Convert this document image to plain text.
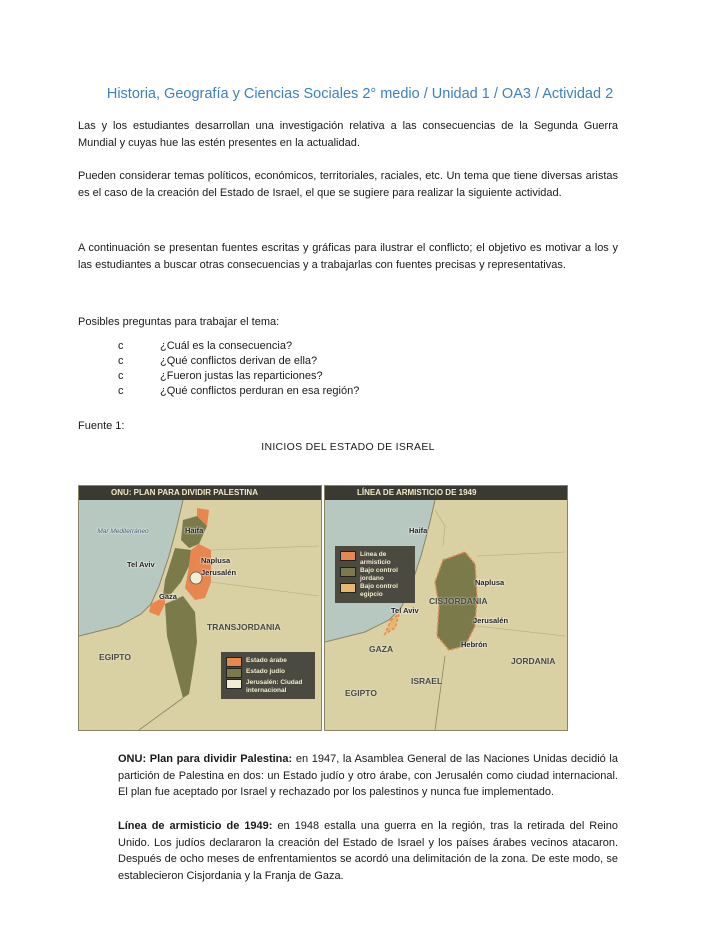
Historia, Geografía y Ciencias Sociales 2° medio / Unidad 1 / OA3 / Actividad 2

Las y los estudiantes desarrollan una investigación relativa a las consecuencias de la Segunda Guerra Mundial y cuyas hue las estén presentes en la actualidad.

Pueden considerar temas políticos, económicos, territoriales, raciales, etc. Un tema que tiene diversas aristas es el caso de la creación del Estado de Israel, el que se sugiere para realizar la siguiente actividad.

A continuación se presentan fuentes escritas y gráficas para ilustrar el conflicto; el objetivo es motivar a los y las estudiantes a buscar otras consecuencias y a trabajarlas con fuentes precisas y representativas.

Posibles preguntas para trabajar el tema:

c	¿Cuál es la consecuencia?
c	¿Qué conflictos derivan de ella?
c	¿Fueron justas las reparticiones?
c	¿Qué conflictos perduran en esa región?
Fuente 1:
INICIOS DEL ESTADO DE ISRAEL
ONU: PLAN PARA DIVIDIR PALESTINA
Mar Mediterráneo	Haifa
Tel Aviv	Naplusa
Jerusalén
Gaza
TRANSJORDANIA
EGIPTO	Estado árabe
Estado judío
Jerusalén: Ciudad internacional
LÍNEA DE ARMISTICIO DE 1949
Línea de armisticio
Bajo control jordano
Bajo control egipcio
Haifa
Naplusa
Tel Aviv
Jerusalén
Hebrón
CISJORDANIA
GAZA
JORDANIA
ISRAEL
EGIPTO

ONU: Plan para dividir Palestina: en 1947, la Asamblea General de las Naciones Unidas decidió la partición de Palestina en dos: un Estado judío y otro árabe, con Jerusalén como ciudad internacional. El plan fue aceptado por Israel y rechazado por los palestinos y nunca fue implementado.

Línea de armisticio de 1949: en 1948 estalla una guerra en la región, tras la retirada del Reino Unido. Los judíos declararon la creación del Estado de Israel y los países árabes vecinos atacaron. Después de ocho meses de enfrentamientos se acordó una delimitación de la zona. De este modo, se establecieron Cisjordania y la Franja de Gaza.
